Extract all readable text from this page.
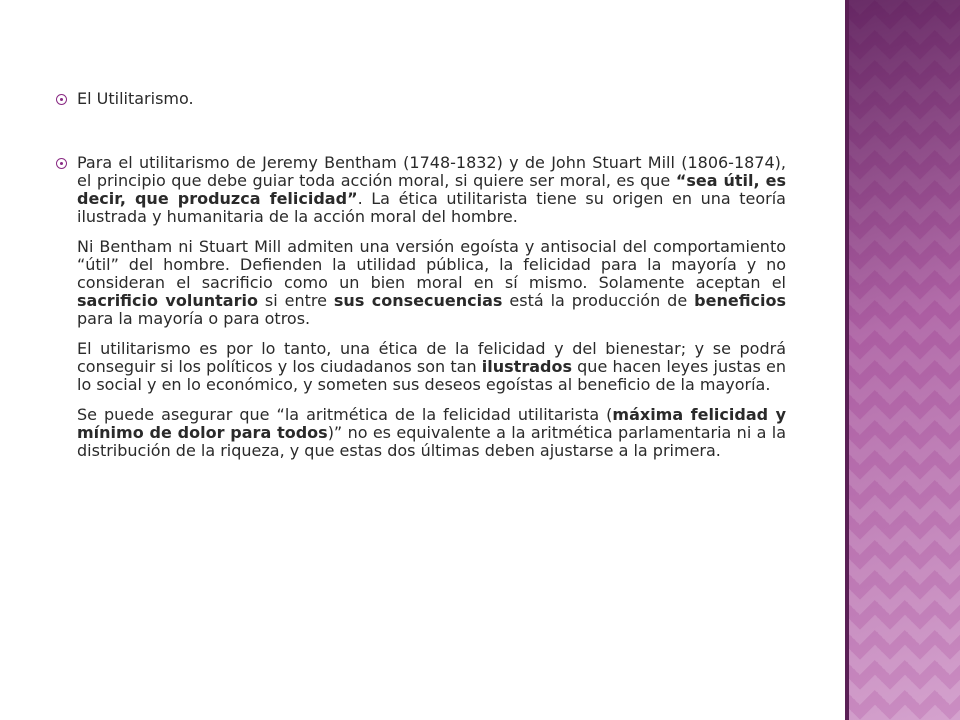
El Utilitarismo.

Para el utilitarismo de Jeremy Bentham (1748-1832) y de John Stuart Mill (1806-1874), el principio que debe guiar toda acción moral, si quiere ser moral, es que “sea útil, es decir, que produzca felicidad”. La ética utilitarista tiene su origen en una teoría ilustrada y humanitaria de la acción moral del hombre.

Ni Bentham ni Stuart Mill admiten una versión egoísta y antisocial del comportamiento “útil” del hombre. Defienden la utilidad pública, la felicidad para la mayoría y no consideran el sacrificio como un bien moral en sí mismo. Solamente aceptan el sacrificio voluntario si entre sus consecuencias está la producción de beneficios para la mayoría o para otros.

El utilitarismo es por lo tanto, una ética de la felicidad y del bienestar; y se podrá conseguir si los políticos y los ciudadanos son tan ilustrados que hacen leyes justas en lo social y en lo económico, y someten sus deseos egoístas al beneficio de la mayoría.

Se puede asegurar que “la aritmética de la felicidad utilitarista (máxima felicidad y mínimo de dolor para todos)” no es equivalente a la aritmética parlamentaria ni a la distribución de la riqueza, y que estas dos últimas deben ajustarse a la primera.
